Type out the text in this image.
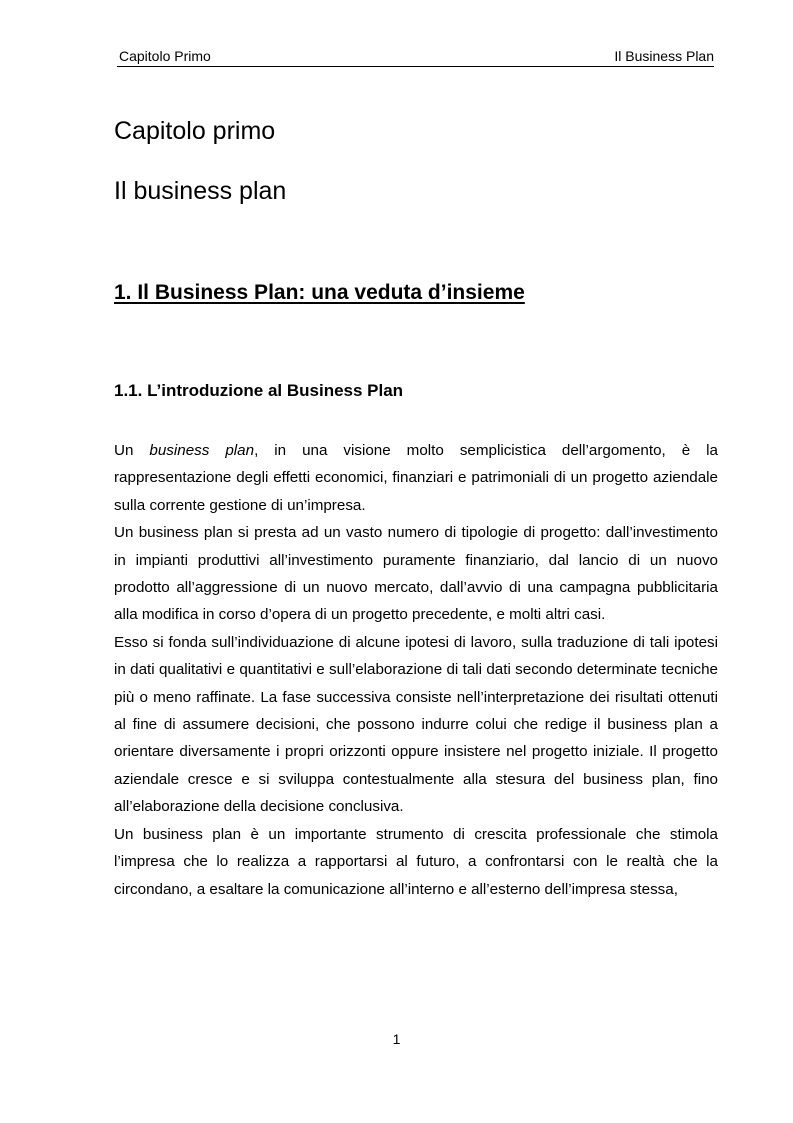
Capitolo Primo	Il Business Plan
Capitolo primo
Il business plan
1. Il Business Plan: una veduta d’insieme
1.1. L’introduzione al Business Plan

Un business plan, in una visione molto semplicistica dell’argomento, è la rappresentazione degli effetti economici, finanziari e patrimoniali di un progetto aziendale sulla corrente gestione di un’impresa.

Un business plan si presta ad un vasto numero di tipologie di progetto: dall’investimento in impianti produttivi all’investimento puramente finanziario, dal lancio di un nuovo prodotto all’aggressione di un nuovo mercato, dall’avvio di una campagna pubblicitaria alla modifica in corso d’opera di un progetto precedente, e molti altri casi.

Esso si fonda sull’individuazione di alcune ipotesi di lavoro, sulla traduzione di tali ipotesi in dati qualitativi e quantitativi e sull’elaborazione di tali dati secondo determinate tecniche più o meno raffinate. La fase successiva consiste nell’interpretazione dei risultati ottenuti al fine di assumere decisioni, che possono indurre colui che redige il business plan a orientare diversamente i propri orizzonti oppure insistere nel progetto iniziale. Il progetto aziendale cresce e si sviluppa contestualmente alla stesura del business plan, fino all’elaborazione della decisione conclusiva.

Un business plan è un importante strumento di crescita professionale che stimola l’impresa che lo realizza a rapportarsi al futuro, a confrontarsi con le realtà che la circondano, a esaltare la comunicazione all’interno e all’esterno dell’impresa stessa,

1
